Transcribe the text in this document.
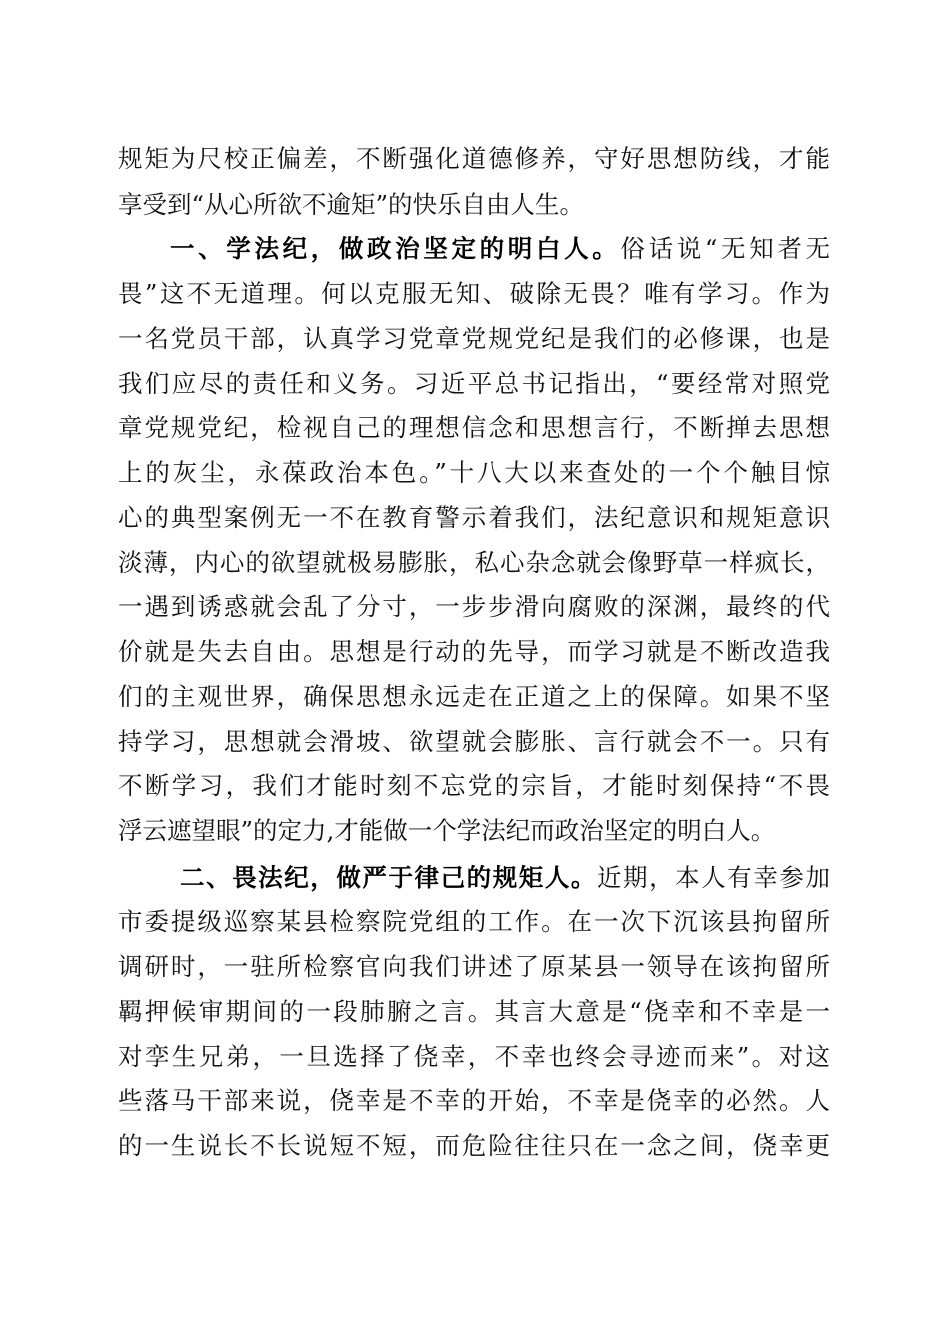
规矩为尺校正偏差，不断强化道德修养，守好思想防线，才能
享受到“从心所欲不逾矩”的快乐自由人生。
一、学法纪，做政治坚定的明白人。俗话说“无知者无
畏”这不无道理。何以克服无知、破除无畏？唯有学习。作为
一名党员干部，认真学习党章党规党纪是我们的必修课，也是
我们应尽的责任和义务。习近平总书记指出，“要经常对照党
章党规党纪，检视自己的理想信念和思想言行，不断掸去思想
上的灰尘，永葆政治本色。”十八大以来查处的一个个触目惊
心的典型案例无一不在教育警示着我们，法纪意识和规矩意识
淡薄，内心的欲望就极易膨胀，私心杂念就会像野草一样疯长，
一遇到诱惑就会乱了分寸，一步步滑向腐败的深渊，最终的代
价就是失去自由。思想是行动的先导，而学习就是不断改造我
们的主观世界，确保思想永远走在正道之上的保障。如果不坚
持学习，思想就会滑坡、欲望就会膨胀、言行就会不一。只有
不断学习，我们才能时刻不忘党的宗旨，才能时刻保持“不畏
浮云遮望眼”的定力,才能做一个学法纪而政治坚定的明白人。
二、畏法纪，做严于律己的规矩人。近期，本人有幸参加
市委提级巡察某县检察院党组的工作。在一次下沉该县拘留所
调研时，一驻所检察官向我们讲述了原某县一领导在该拘留所
羁押候审期间的一段肺腑之言。其言大意是“侥幸和不幸是一
对孪生兄弟，一旦选择了侥幸，不幸也终会寻迹而来”。对这
些落马干部来说，侥幸是不幸的开始，不幸是侥幸的必然。人
的一生说长不长说短不短，而危险往往只在一念之间，侥幸更
